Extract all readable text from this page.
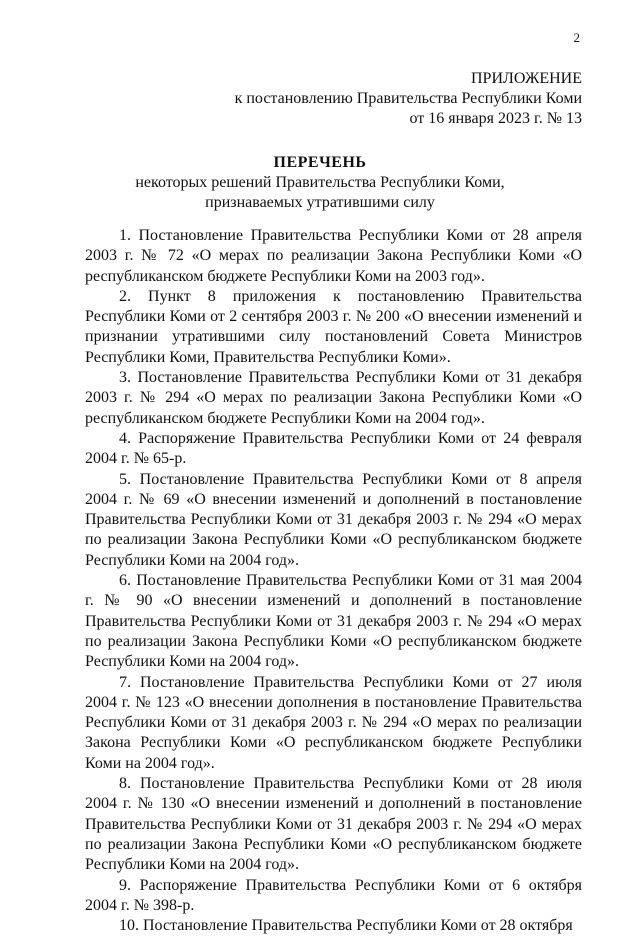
2
ПРИЛОЖЕНИЕ
к постановлению Правительства Республики Коми
от 16 января 2023 г. № 13
ПЕРЕЧЕНЬ
некоторых решений Правительства Республики Коми,
признаваемых утратившими силу

1. Постановление Правительства Республики Коми от 28 апреля 2003 г. № 72 «О мерах по реализации Закона Республики Коми «О республиканском бюджете Республики Коми на 2003 год».

2. Пункт 8 приложения к постановлению Правительства Республики Коми от 2 сентября 2003 г. № 200 «О внесении изменений и признании утратившими силу постановлений Совета Министров Республики Коми, Правительства Республики Коми».

3. Постановление Правительства Республики Коми от 31 декабря 2003 г. № 294 «О мерах по реализации Закона Республики Коми «О республиканском бюджете Республики Коми на 2004 год».

4. Распоряжение Правительства Республики Коми от 24 февраля 2004 г. № 65-р.

5. Постановление Правительства Республики Коми от 8 апреля 2004 г. № 69 «О внесении изменений и дополнений в постановление Правительства Республики Коми от 31 декабря 2003 г. № 294 «О мерах по реализации Закона Республики Коми «О республиканском бюджете Республики Коми на 2004 год».

6. Постановление Правительства Республики Коми от 31 мая 2004 г. № 90 «О внесении изменений и дополнений в постановление Правительства Республики Коми от 31 декабря 2003 г. № 294 «О мерах по реализации Закона Республики Коми «О республиканском бюджете Республики Коми на 2004 год».

7. Постановление Правительства Республики Коми от 27 июля 2004 г. № 123 «О внесении дополнения в постановление Правительства Республики Коми от 31 декабря 2003 г. № 294 «О мерах по реализации Закона Республики Коми «О республиканском бюджете Республики Коми на 2004 год».

8. Постановление Правительства Республики Коми от 28 июля 2004 г. № 130 «О внесении изменений и дополнений в постановление Правительства Республики Коми от 31 декабря 2003 г. № 294 «О мерах по реализации Закона Республики Коми «О республиканском бюджете Республики Коми на 2004 год».

9. Распоряжение Правительства Республики Коми от 6 октября 2004 г. № 398-р.

10. Постановление Правительства Республики Коми от 28 октября
